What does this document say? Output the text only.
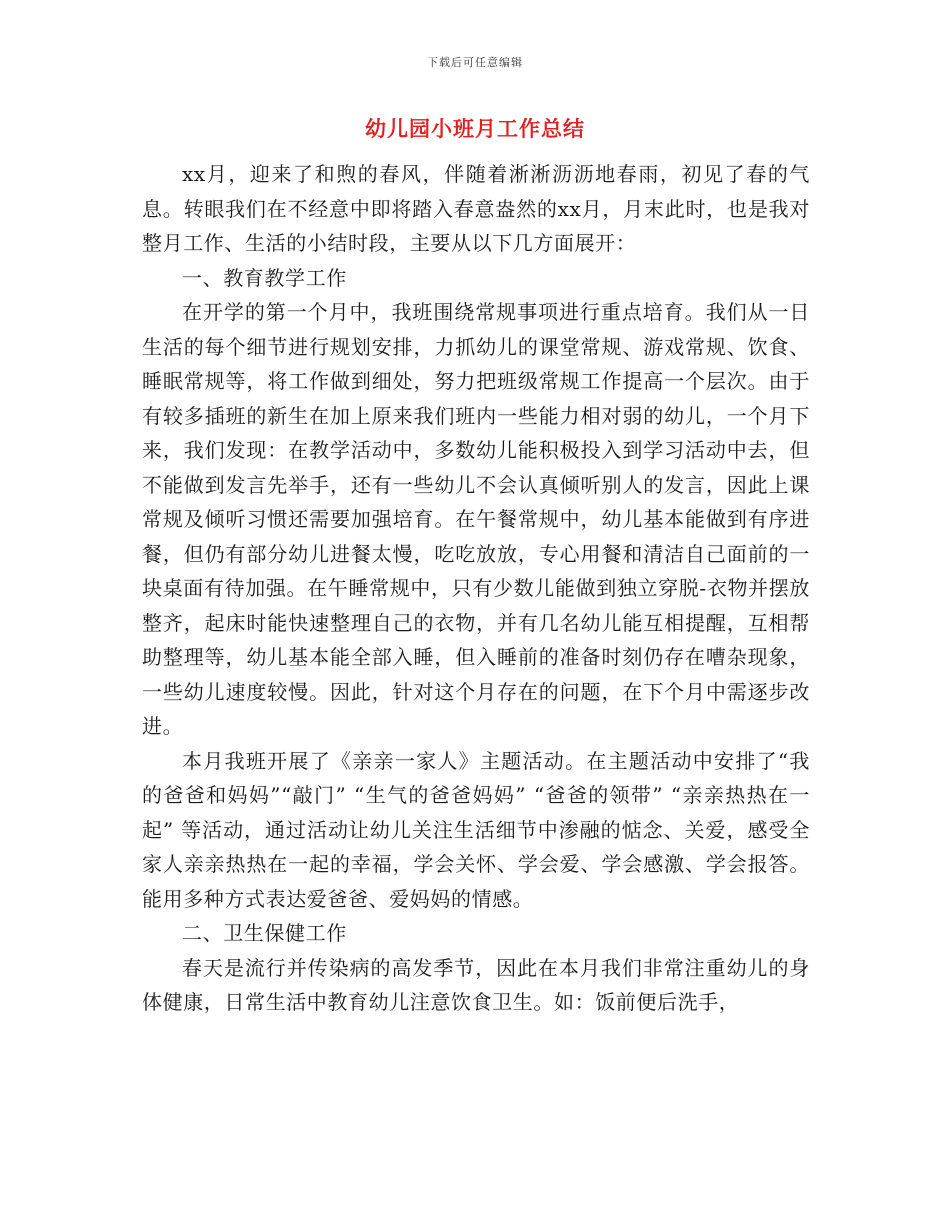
下载后可任意编辑
幼儿园小班月工作总结

xx月，迎来了和煦的春风，伴随着淅淅沥沥地春雨，初见了春的气息。转眼我们在不经意中即将踏入春意盎然的xx月，月末此时，也是我对整月工作、生活的小结时段，主要从以下几方面展开：

一、教育教学工作

在开学的第一个月中，我班围绕常规事项进行重点培育。我们从一日生活的每个细节进行规划安排，力抓幼儿的课堂常规、游戏常规、饮食、睡眠常规等，将工作做到细处，努力把班级常规工作提高一个层次。由于有较多插班的新生在加上原来我们班内一些能力相对弱的幼儿，一个月下来，我们发现：在教学活动中，多数幼儿能积极投入到学习活动中去，但不能做到发言先举手，还有一些幼儿不会认真倾听别人的发言，因此上课常规及倾听习惯还需要加强培育。在午餐常规中，幼儿基本能做到有序进餐，但仍有部分幼儿进餐太慢，吃吃放放，专心用餐和清洁自己面前的一块桌面有待加强。在午睡常规中，只有少数儿能做到独立穿脱-衣物并摆放整齐，起床时能快速整理自己的衣物，并有几名幼儿能互相提醒，互相帮助整理等，幼儿基本能全部入睡，但入睡前的准备时刻仍存在嘈杂现象，一些幼儿速度较慢。因此，针对这个月存在的问题，在下个月中需逐步改进。

本月我班开展了《亲亲一家人》主题活动。在主题活动中安排了“我的爸爸和妈妈”“敲门” “生气的爸爸妈妈” “爸爸的领带” “亲亲热热在一起” 等活动，通过活动让幼儿关注生活细节中渗融的惦念、关爱，感受全家人亲亲热热在一起的幸福，学会关怀、学会爱、学会感激、学会报答。能用多种方式表达爱爸爸、爱妈妈的情感。

二、卫生保健工作

春天是流行并传染病的高发季节，因此在本月我们非常注重幼儿的身体健康，日常生活中教育幼儿注意饮食卫生。如：饭前便后洗手，
